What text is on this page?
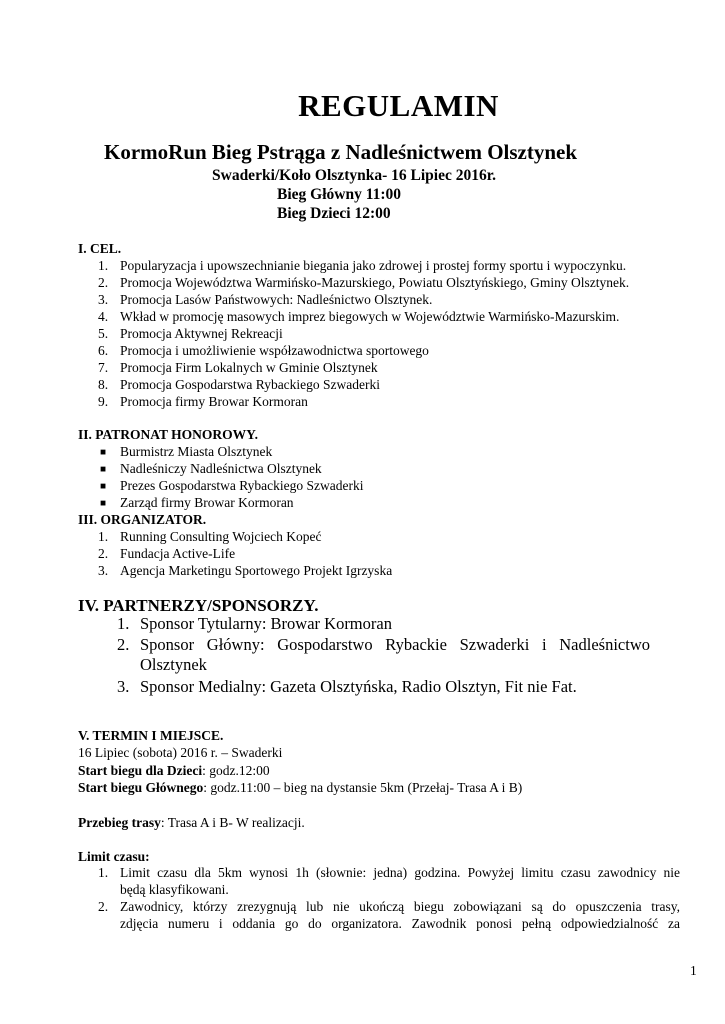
REGULAMIN
KormoRun Bieg Pstrąga z Nadleśnictwem Olsztynek
Swaderki/Koło Olsztynka- 16 Lipiec 2016r.
Bieg Główny 11:00
Bieg Dzieci 12:00
I. CEL.
1. Popularyzacja i upowszechnianie biegania jako zdrowej i prostej formy sportu i wypoczynku.
2. Promocja Województwa Warmińsko-Mazurskiego, Powiatu Olsztyńskiego, Gminy Olsztynek.
3. Promocja Lasów Państwowych: Nadleśnictwo Olsztynek.
4. Wkład w promocję masowych imprez biegowych w Województwie Warmińsko-Mazurskim.
5. Promocja Aktywnej Rekreacji
6. Promocja i umożliwienie współzawodnictwa sportowego
7. Promocja Firm Lokalnych w Gminie Olsztynek
8. Promocja Gospodarstwa Rybackiego Szwaderki
9. Promocja firmy Browar Kormoran
II. PATRONAT HONOROWY.
■ Burmistrz Miasta Olsztynek
■ Nadleśniczy Nadleśnictwa Olsztynek
■ Prezes Gospodarstwa Rybackiego Szwaderki
■ Zarząd firmy Browar Kormoran
III. ORGANIZATOR.
1. Running Consulting Wojciech Kopeć
2. Fundacja Active-Life
3. Agencja Marketingu Sportowego Projekt Igrzyska
IV. PARTNERZY/SPONSORZY.
1. Sponsor Tytularny: Browar Kormoran
2. Sponsor Główny: Gospodarstwo Rybackie Szwaderki i Nadleśnictwo
Olsztynek
3. Sponsor Medialny: Gazeta Olsztyńska, Radio Olsztyn, Fit nie Fat.
V. TERMIN I MIEJSCE.
16 Lipiec (sobota) 2016 r. – Swaderki
Start biegu dla Dzieci: godz.12:00
Start biegu Głównego: godz.11:00 – bieg na dystansie 5km (Przełaj- Trasa A i B)
Przebieg trasy: Trasa A i B- W realizacji.
Limit czasu:
1. Limit czasu dla 5km wynosi 1h (słownie: jedna) godzina. Powyżej limitu czasu zawodnicy nie
będą klasyfikowani.
2. Zawodnicy, którzy zrezygnują lub nie ukończą biegu zobowiązani są do opuszczenia trasy,
zdjęcia numeru i oddania go do organizatora. Zawodnik ponosi pełną odpowiedzialność za
1
